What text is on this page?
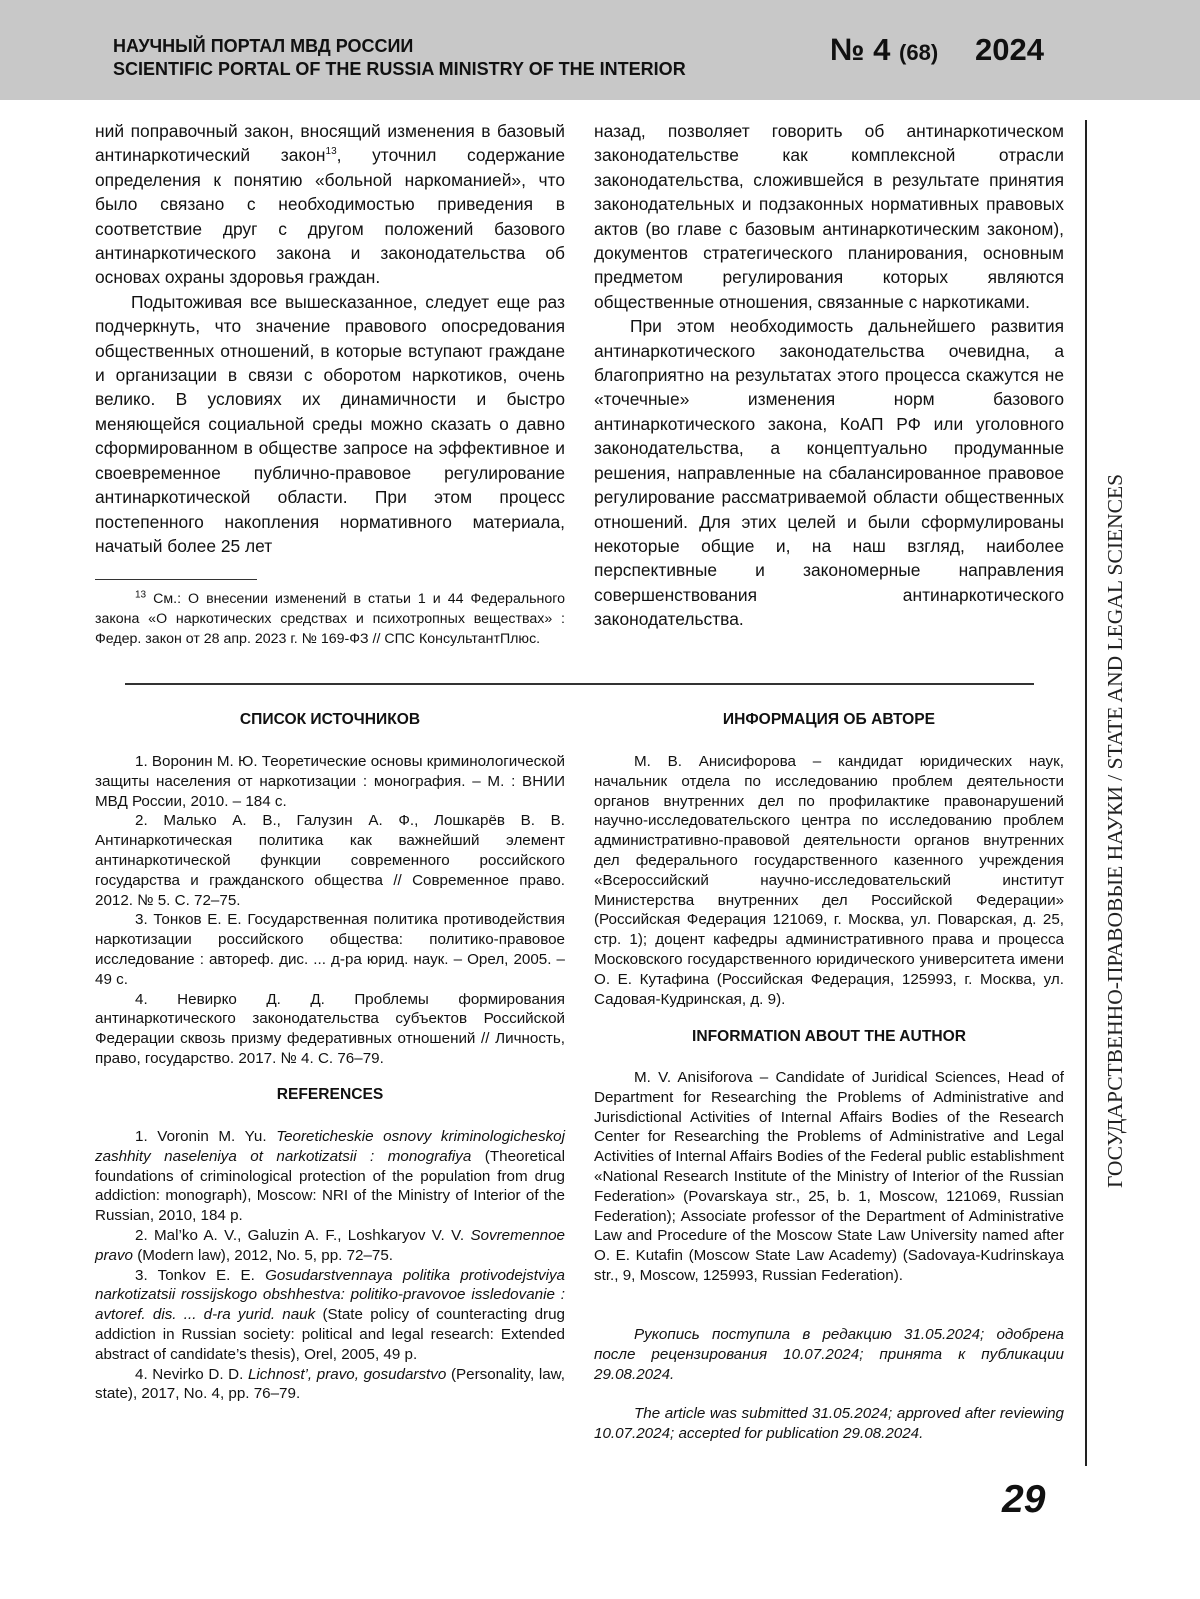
НАУЧНЫЙ ПОРТАЛ МВД РОССИИ
SCIENTIFIC PORTAL OF THE RUSSIA MINISTRY OF THE INTERIOR
№ 4 (68) 2024

ний поправочный закон, вносящий изменения в базовый антинаркотический закон$^{13}$, уточнил содержание определения к понятию «больной наркоманией», что было связано с необходимостью приведения в соответствие друг с другом положений базового антинаркотического закона и законодательства об основах охраны здоровья граждан.

Подытоживая все вышесказанное, следует еще раз подчеркнуть, что значение правового опосредования общественных отношений, в которые вступают граждане и организации в связи с оборотом наркотиков, очень велико. В условиях их динамичности и быстро меняющейся социальной среды можно сказать о давно сформированном в обществе запросе на эффективное и своевременное публично-правовое регулирование антинаркотической области. При этом процесс постепенного накопления нормативного материала, начатый более 25 лет

назад, позволяет говорить об антинаркотическом законодательстве как комплексной отрасли законодательства, сложившейся в результате принятия законодательных и подзаконных нормативных правовых актов (во главе с базовым антинаркотическим законом), документов стратегического планирования, основным предметом регулирования которых являются общественные отношения, связанные с наркотиками.

При этом необходимость дальнейшего развития антинаркотического законодательства очевидна, а благоприятно на результатах этого процесса скажутся не «точечные» изменения норм базового антинаркотического закона, КоАП РФ или уголовного законодательства, а концептуально продуманные решения, направленные на сбалансированное правовое регулирование рассматриваемой области общественных отношений. Для этих целей и были сформулированы некоторые общие и, на наш взгляд, наиболее перспективные и закономерные направления совершенствования антинаркотического законодательства.

$^{13}$ См.: О внесении изменений в статьи 1 и 44 Федерального закона «О наркотических средствах и психотропных веществах» : Федер. закон от 28 апр. 2023 г. № 169-ФЗ // СПС КонсультантПлюс.	ГОСУДАРСТВЕННО-ПРАВОВЫЕ НАУКИ / STATE AND LEGAL SCIENCES
СПИСОК ИСТОЧНИКОВ

1. Воронин М. Ю. Теоретические основы криминологической защиты населения от наркотизации : монография. – М. : ВНИИ МВД России, 2010. – 184 с.

2. Малько А. В., Галузин А. Ф., Лошкарёв В. В. Антинаркотическая политика как важнейший элемент антинаркотической функции современного российского государства и гражданского общества // Современное право. 2012. № 5. С. 72–75.

3. Тонков Е. Е. Государственная политика противодействия наркотизации российского общества: политико-правовое исследование : автореф. дис. ... д-ра юрид. наук. – Орел, 2005. – 49 с.

4. Невирко Д. Д. Проблемы формирования антинаркотического законодательства субъектов Российской Федерации сквозь призму федеративных отношений // Личность, право, государство. 2017. № 4. С. 76–79.

REFERENCES

1. Voronin M. Yu. Teoreticheskie osnovy kriminologicheskoj zashhity naseleniya ot narkotizatsii : monografiya (Theoretical foundations of criminological protection of the population from drug addiction: monograph), Moscow: NRI of the Ministry of Interior of the Russian, 2010, 184 p.

2. Mal’ko A. V., Galuzin A. F., Loshkaryov V. V. Sovremennoe pravo (Modern law), 2012, No. 5, pp. 72–75.

3. Tonkov E. E. Gosudarstvennaya politika protivodejstviya narkotizatsii rossijskogo obshhestva: politiko-pravovoe issledovanie : avtoref. dis. ... d-ra yurid. nauk (State policy of counteracting drug addiction in Russian society: political and legal research: Extended abstract of candidate’s thesis), Orel, 2005, 49 p.

4. Nevirko D. D. Lichnost’, pravo, gosudarstvo (Personality, law, state), 2017, No. 4, pp. 76–79.

ИНФОРМАЦИЯ ОБ АВТОРЕ

М. В. Анисифорова – кандидат юридических наук, начальник отдела по исследованию проблем деятельности органов внутренних дел по профилактике правонарушений научно-исследовательского центра по исследованию проблем административно-правовой деятельности органов внутренних дел федерального государственного казенного учреждения «Всероссийский научно-исследовательский институт Министерства внутренних дел Российской Федерации» (Российская Федерация 121069, г. Москва, ул. Поварская, д. 25, стр. 1); доцент кафедры административного права и процесса Московского государственного юридического университета имени О. Е. Кутафина (Российская Федерация, 125993, г. Москва, ул. Садовая-Кудринская, д. 9).

INFORMATION ABOUT THE AUTHOR

M. V. Anisiforova – Candidate of Juridical Sciences, Head of Department for Researching the Problems of Administrative and Jurisdictional Activities of Internal Affairs Bodies of the Research Center for Researching the Problems of Administrative and Legal Activities of Internal Affairs Bodies of the Federal public establishment «National Research Institute of the Ministry of Interior of the Russian Federation» (Povarskaya str., 25, b. 1, Moscow, 121069, Russian Federation); Associate professor of the Department of Administrative Law and Procedure of the Moscow State Law University named after O. E. Kutafin (Moscow State Law Academy) (Sadovaya-Kudrinskaya str., 9, Moscow, 125993, Russian Federation).

Рукопись поступила в редакцию 31.05.2024; одобрена после рецензирования 10.07.2024; принята к публикации 29.08.2024.

The article was submitted 31.05.2024; approved after reviewing 10.07.2024; accepted for publication 29.08.2024.

29
